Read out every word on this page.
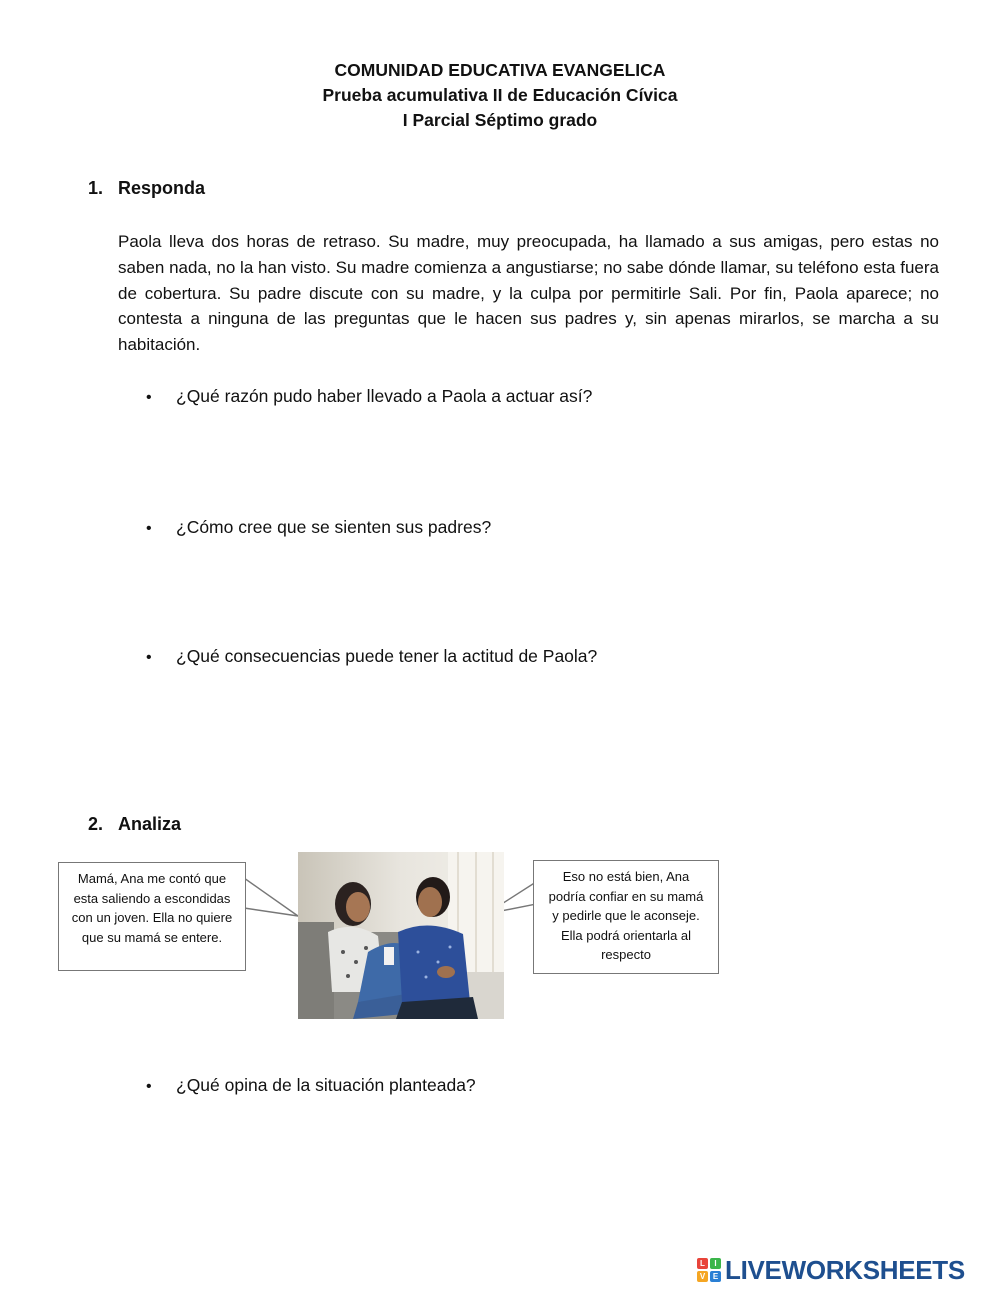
COMUNIDAD EDUCATIVA EVANGELICA
Prueba acumulativa II de Educación Cívica
I Parcial Séptimo grado
1. Responda
Paola lleva dos horas de retraso. Su madre, muy preocupada, ha llamado a sus amigas, pero estas no saben nada, no la han visto. Su madre comienza a angustiarse; no sabe dónde llamar, su teléfono esta fuera de cobertura. Su padre discute con su madre, y la culpa por permitirle Sali. Por fin, Paola aparece; no contesta a ninguna de las preguntas que le hacen sus padres y, sin apenas mirarlos, se marcha a su habitación.
• ¿Qué razón pudo haber llevado a Paola a actuar así?
• ¿Cómo cree que se sienten sus padres?
• ¿Qué consecuencias puede tener la actitud de Paola?
2. Analiza
Mamá, Ana me contó que esta saliendo a escondidas con un joven. Ella no quiere que su mamá se entere.
Eso no está bien, Ana podría confiar en su mamá y pedirle que le aconseje. Ella podrá orientarla al respecto
• ¿Qué opina de la situación planteada?
L	I
V E LIVEWORKSHEETS
